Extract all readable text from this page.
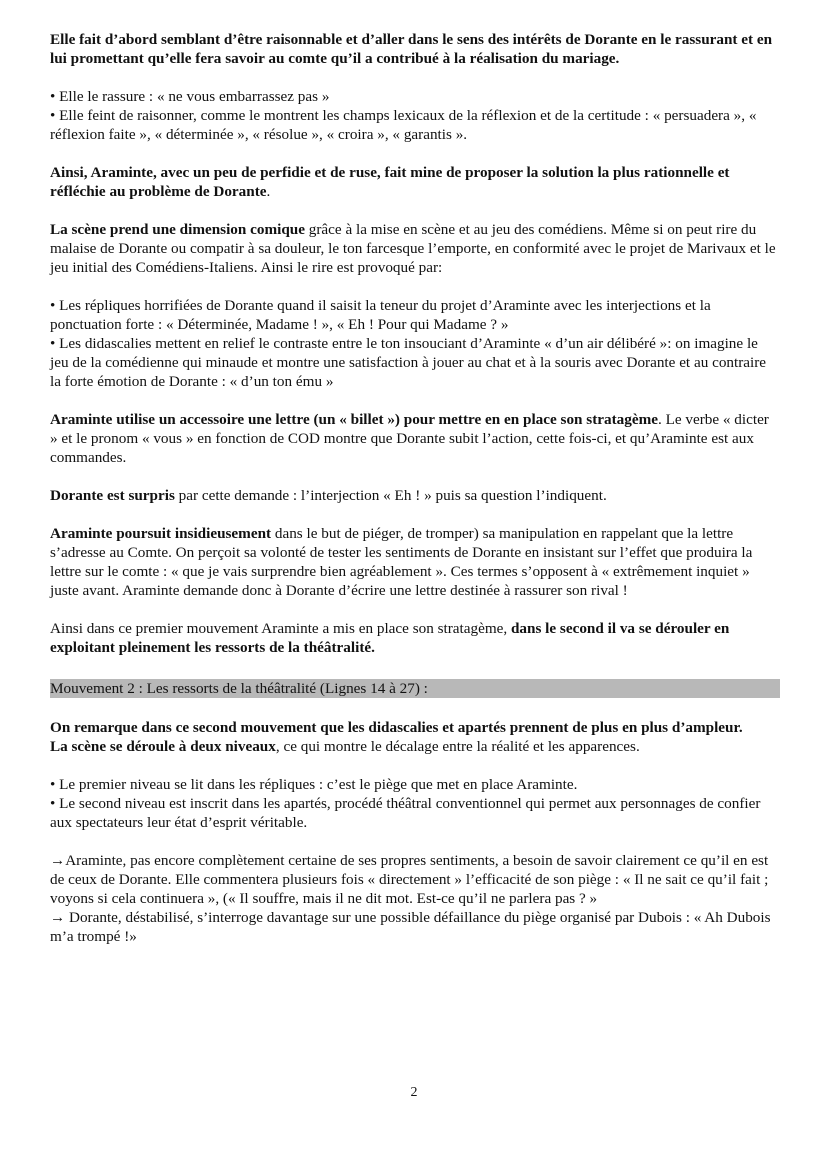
Elle fait d’abord semblant d’être raisonnable et d’aller dans le sens des intérêts de Dorante en le rassurant et en lui promettant qu’elle fera savoir au comte qu’il a contribué à la réalisation du mariage.

• Elle le rassure : « ne vous embarrassez pas »

• Elle feint de raisonner, comme le montrent les champs lexicaux de la réflexion et de la certitude : « persuadera », « réflexion faite », « déterminée », « résolue », « croira », « garantis ».

Ainsi, Araminte, avec un peu de perfidie et de ruse, fait mine de proposer la solution la plus rationnelle et réfléchie au problème de Dorante.

La scène prend une dimension comique grâce à la mise en scène et au jeu des comédiens. Même si on peut rire du malaise de Dorante ou compatir à sa douleur, le ton farcesque l’emporte, en conformité avec le projet de Marivaux et le jeu initial des Comédiens-Italiens. Ainsi le rire est provoqué par:

• Les répliques horrifiées de Dorante quand il saisit la teneur du projet d’Araminte avec les interjections et la ponctuation forte : « Déterminée, Madame ! », « Eh ! Pour qui Madame ? »

• Les didascalies mettent en relief le contraste entre le ton insouciant d’Araminte « d’un air délibéré »: on imagine le jeu de la comédienne qui minaude et montre une satisfaction à jouer au chat et à la souris avec Dorante et au contraire la forte émotion de Dorante : « d’un ton ému »

Araminte utilise un accessoire une lettre (un « billet ») pour mettre en en place son stratagème. Le verbe « dicter » et le pronom « vous » en fonction de COD montre que Dorante subit l’action, cette fois-ci, et qu’Araminte est aux commandes.

Dorante est surpris par cette demande : l’interjection « Eh ! » puis sa question l’indiquent.

Araminte poursuit insidieusement dans le but de piéger, de tromper) sa manipulation en rappelant que la lettre s’adresse au Comte. On perçoit sa volonté de tester les sentiments de Dorante en insistant sur l’effet que produira la lettre sur le comte : « que je vais surprendre bien agréablement ». Ces termes s’opposent à « extrêmement inquiet » juste avant. Araminte demande donc à Dorante d’écrire une lettre destinée à rassurer son rival !

Ainsi dans ce premier mouvement Araminte a mis en place son stratagème, dans le second il va se dérouler en exploitant pleinement les ressorts de la théâtralité.

Mouvement 2 : Les ressorts de la théâtralité (Lignes 14 à 27) :

On remarque dans ce second mouvement que les didascalies et apartés prennent de plus en plus d’ampleur.

La scène se déroule à deux niveaux, ce qui montre le décalage entre la réalité et les apparences.

• Le premier niveau se lit dans les répliques : c’est le piège que met en place Araminte.

• Le second niveau est inscrit dans les apartés, procédé théâtral conventionnel qui permet aux personnages de confier aux spectateurs leur état d’esprit véritable.

→Araminte, pas encore complètement certaine de ses propres sentiments, a besoin de savoir clairement ce qu’il en est de ceux de Dorante. Elle commentera plusieurs fois « directement » l’efficacité de son piège : « Il ne sait ce qu’il fait ; voyons si cela continuera », (« Il souffre, mais il ne dit mot. Est-ce qu’il ne parlera pas ? »

→ Dorante, déstabilisé, s’interroge davantage sur une possible défaillance du piège organisé par Dubois : « Ah Dubois m’a trompé !»

2
